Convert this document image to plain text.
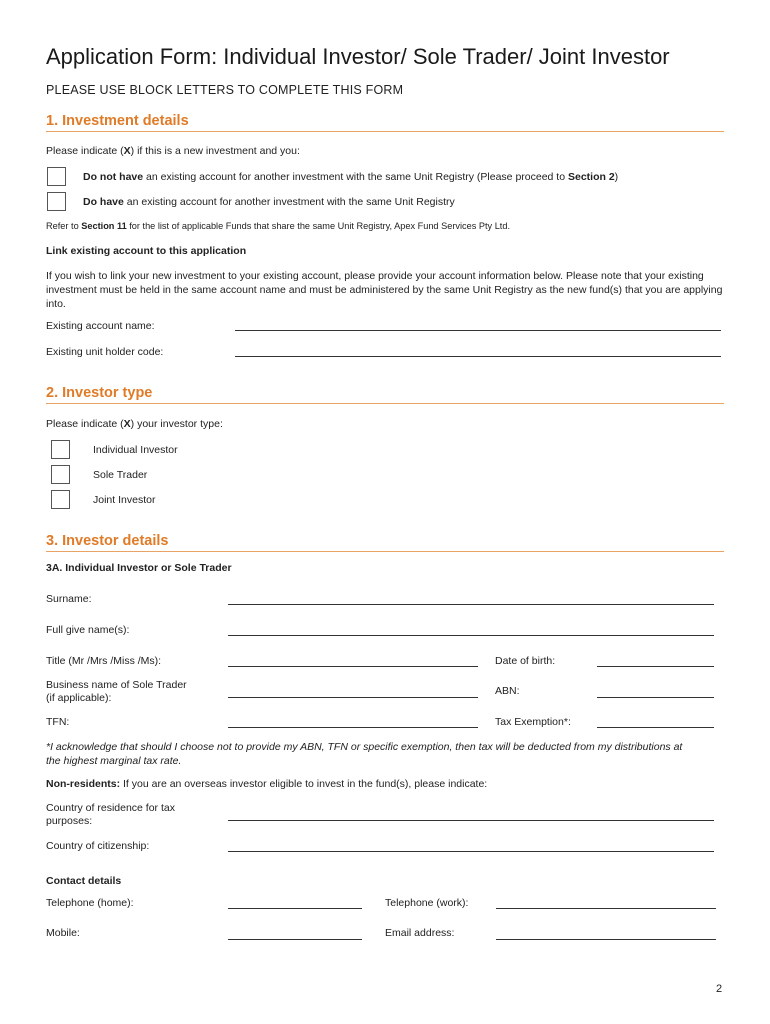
Application Form: Individual Investor/ Sole Trader/ Joint Investor
PLEASE USE BLOCK LETTERS TO COMPLETE THIS FORM
1. Investment details
Please indicate (X) if this is a new investment and you:
Do not have an existing account for another investment with the same Unit Registry (Please proceed to Section 2)
Do have an existing account for another investment with the same Unit Registry
Refer to Section 11 for the list of applicable Funds that share the same Unit Registry, Apex Fund Services Pty Ltd.
Link existing account to this application
If you wish to link your new investment to your existing account, please provide your account information below. Please note that your existing investment must be held in the same account name and must be administered by the same Unit Registry as the new fund(s) that you are applying into.
Existing account name:
Existing unit holder code:
2. Investor type
Please indicate (X) your investor type:
Individual Investor
Sole Trader
Joint Investor
3. Investor details
3A. Individual Investor or Sole Trader
Surname:
Full give name(s):
Title (Mr /Mrs /Miss /Ms):	Date of birth:
Business name of Sole Trader
(if applicable):
ABN:
TFN:	Tax Exemption*:
*I acknowledge that should I choose not to provide my ABN, TFN or specific exemption, then tax will be deducted from my distributions at the highest marginal tax rate.
Non-residents: If you are an overseas investor eligible to invest in the fund(s), please indicate:
Country of residence for tax
purposes:
Country of citizenship:
Contact details
Telephone (home):	Telephone (work):
Mobile:	Email address:
2
